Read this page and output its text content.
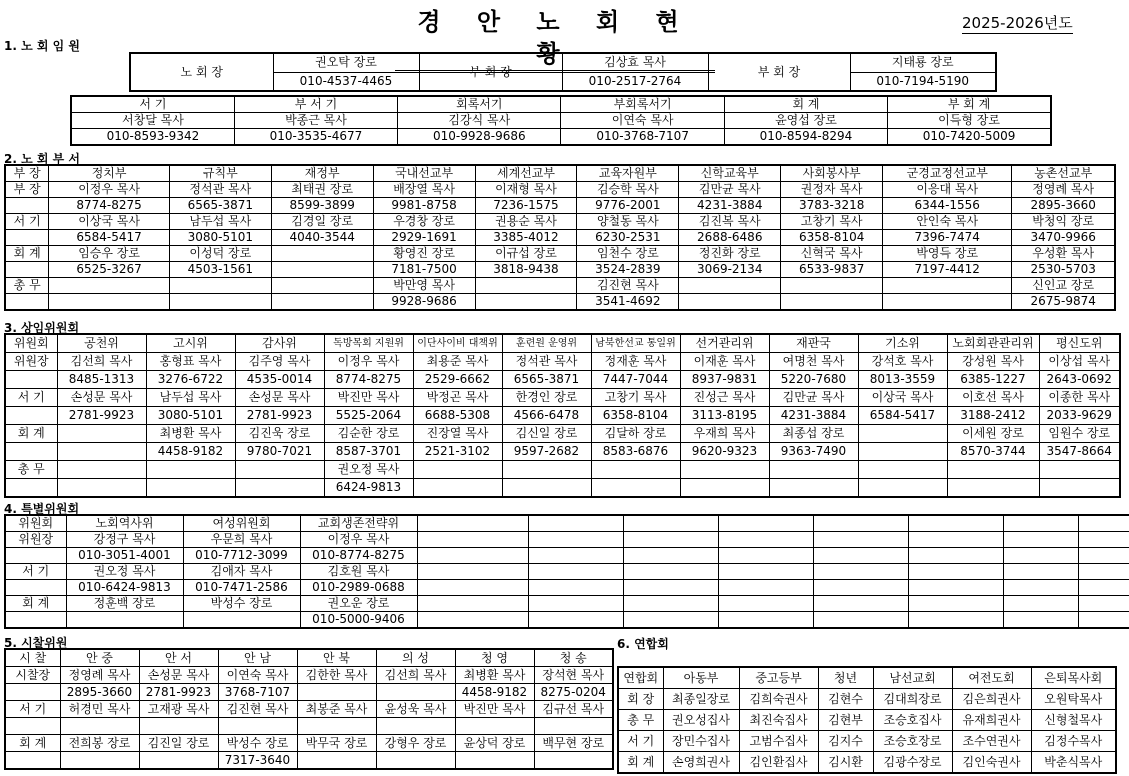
경 안 노 회 현 황
2025-2026년도
1. 노 회 임 원
노 회 장	권오탁 장로	부 회 장	김상효 목사	부 회 장	지태룡 장로
	010-4537-4465		010-2517-2764		010-7194-5190
서 기	부 서 기	회록서기	부회록서기	회 계	부 회 계
서창달 목사	박종근 목사	김강식 목사	이연숙 목사	윤영섭 장로	이득형 장로
010-8593-9342	010-3535-4677	010-9928-9686	010-3768-7107	010-8594-8294	010-7420-5009
2. 노 회 부 서
부 장	정치부	규칙부	재정부	국내선교부	세계선교부	교육자원부	신학교육부	사회봉사부	군경교정선교부	농촌선교부
부 장	이정우 목사	정석관 목사	최태권 장로	배장열 목사	이재형 목사	김승학 목사	김만균 목사	권정자 목사	이응대 목사	정영례 목사
	8774-8275	6565-3871	8599-3899	9981-8758	7236-1575	9776-2001	4231-3884	3783-3218	6344-1556	2895-3660
서 기	이상국 목사	남두섭 목사	김경일 장로	우경창 장로	권용순 목사	양철동 목사	김진복 목사	고창기 목사	안인숙 목사	박청익 장로
	6584-5417	3080-5101	4040-3544	2929-1691	3385-4012	6230-2531	2688-6486	6358-8104	7396-7474	3470-9966
회 계	임승우 장로	이성덕 장로		황영진 장로	이규섭 장로	임천수 장로	정진화 장로	신혁국 목사	박영득 장로	우성환 목사
	6525-3267	4503-1561		7181-7500	3818-9438	3524-2839	3069-2134	6533-9837	7197-4412	2530-5703
총 무				박만영 목사		김진현 목사				신인교 장로
				9928-9686		3541-4692				2675-9874
3. 상임위원회
위원회	공천위	고시위	감사위	독방목회 지원위	이단사이비 대책위	훈련원 운영위	남북한선교 통일위	선거관리위	재판국	기소위	노회회관관리위	평신도위
위원장	김선희 목사	홍형표 목사	김주영 목사	이정우 목사	최용준 목사	정석관 목사	정재훈 목사	이재훈 목사	여명천 목사	강석호 목사	강성원 목사	이상섭 목사
	8485-1313	3276-6722	4535-0014	8774-8275	2529-6662	6565-3871	7447-7044	8937-9831	5220-7680	8013-3559	6385-1227	2643-0692
서 기	손성문 목사	남두섭 목사	손성문 목사	박진만 목사	박정곤 목사	한경인 장로	고창기 목사	진성근 목사	김만균 목사	이상국 목사	이호선 목사	이종한 목사
	2781-9923	3080-5101	2781-9923	5525-2064	6688-5308	4566-6478	6358-8104	3113-8195	4231-3884	6584-5417	3188-2412	2033-9629
회 계		최병환 목사	김진욱 장로	김순한 장로	진장열 목사	김신일 장로	김달하 장로	우재희 목사	최종섭 장로		이세원 장로	임원수 장로
		4458-9182	9780-7021	8587-3701	2521-3102	9597-2682	8583-6876	9620-9323	9363-7490		8570-3744	3547-8664
총 무				권오정 목사								
				6424-9813								
4. 특별위원회
위원회	노회역사위	여성위원회	교회생존전략위									
위원장	강정구 목사	우문희 목사	이정우 목사									
	010-3051-4001	010-7712-3099	010-8774-8275									
서 기	권오정 목사	김애자 목사	김호원 목사									
	010-6424-9813	010-7471-2586	010-2989-0688									
회 계	정훈백 장로	박성수 장로	권오운 장로									
			010-5000-9406									
5. 시찰위원
시 찰	안 중	안 서	안 남	안 북	의 성	청 영	청 송
시찰장	정영례 목사	손성문 목사	이연숙 목사	김한한 목사	김선희 목사	최병환 목사	장석현 목사
	2895-3660	2781-9923	3768-7107			4458-9182	8275-0204
서 기	허경민 목사	고재광 목사	김진현 목사	최봉준 목사	윤성욱 목사	박진만 목사	김규선 목사

회 계	전희봉 장로	김진일 장로	박성수 장로	박무국 장로	강형우 장로	윤상덕 장로	백무현 장로
			7317-3640				
6. 연합회
연합회	아동부	중고등부	청년	남선교회	여전도회	은퇴목사회
회 장	최종일장로	김희숙권사	김현수	김대희장로	김은희권사	오원탁목사
총 무	권오성집사	최진숙집사	김현부	조승호집사	유재희권사	신형철목사
서 기	장민수집사	고범수집사	김지수	조승호장로	조수연권사	김정수목사
회 계	손영희권사	김인환집사	김시환	김광수장로	김인숙권사	박춘식목사
